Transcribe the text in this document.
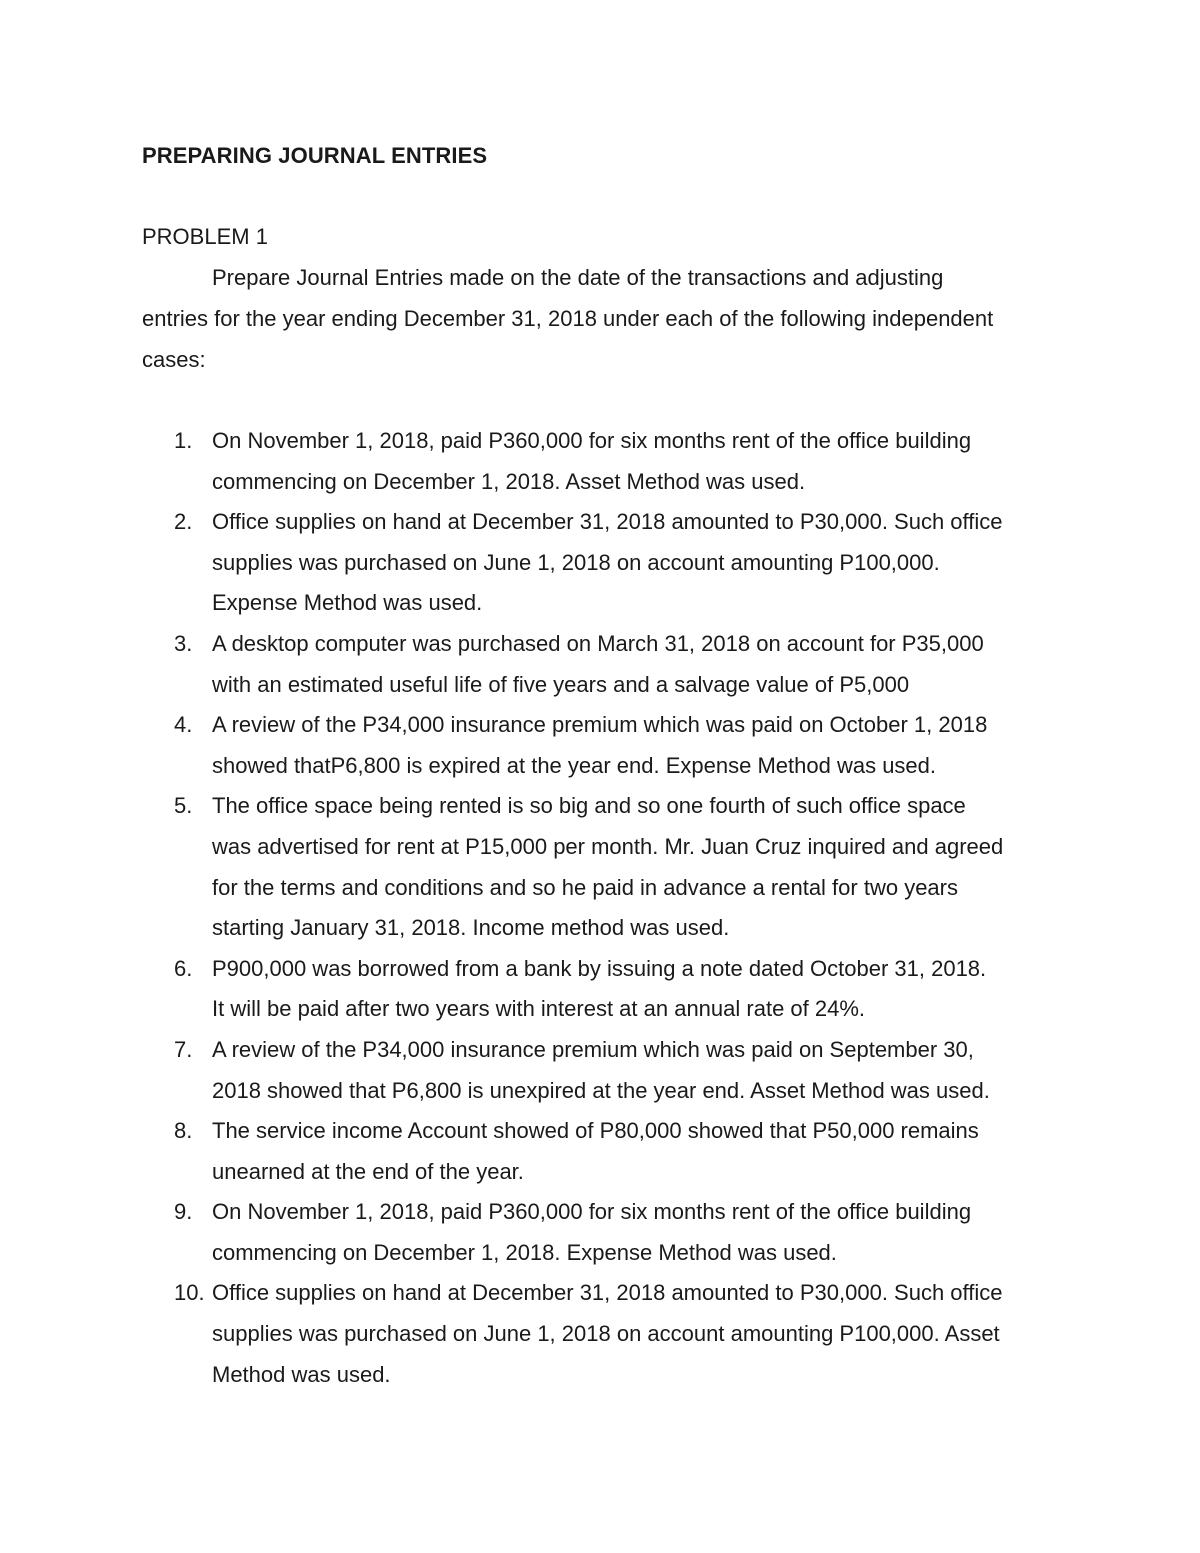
PREPARING JOURNAL ENTRIES
PROBLEM 1
Prepare Journal Entries made on the date of the transactions and adjusting
entries for the year ending December 31, 2018 under each of the following independent
cases:
1. On November 1, 2018, paid P360,000 for six months rent of the office building
commencing on December 1, 2018. Asset Method was used.
2. Office supplies on hand at December 31, 2018 amounted to P30,000. Such office
supplies was purchased on June 1, 2018 on account amounting P100,000.
Expense Method was used.
3. A desktop computer was purchased on March 31, 2018 on account for P35,000
with an estimated useful life of five years and a salvage value of P5,000
4. A review of the P34,000 insurance premium which was paid on October 1, 2018
showed thatP6,800 is expired at the year end. Expense Method was used.
5. The office space being rented is so big and so one fourth of such office space
was advertised for rent at P15,000 per month. Mr. Juan Cruz inquired and agreed
for the terms and conditions and so he paid in advance a rental for two years
starting January 31, 2018. Income method was used.
6. P900,000 was borrowed from a bank by issuing a note dated October 31, 2018.
It will be paid after two years with interest at an annual rate of 24%.
7. A review of the P34,000 insurance premium which was paid on September 30,
2018 showed that P6,800 is unexpired at the year end. Asset Method was used.
8. The service income Account showed of P80,000 showed that P50,000 remains
unearned at the end of the year.
9. On November 1, 2018, paid P360,000 for six months rent of the office building
commencing on December 1, 2018. Expense Method was used.
10. Office supplies on hand at December 31, 2018 amounted to P30,000. Such office
supplies was purchased on June 1, 2018 on account amounting P100,000. Asset
Method was used.
